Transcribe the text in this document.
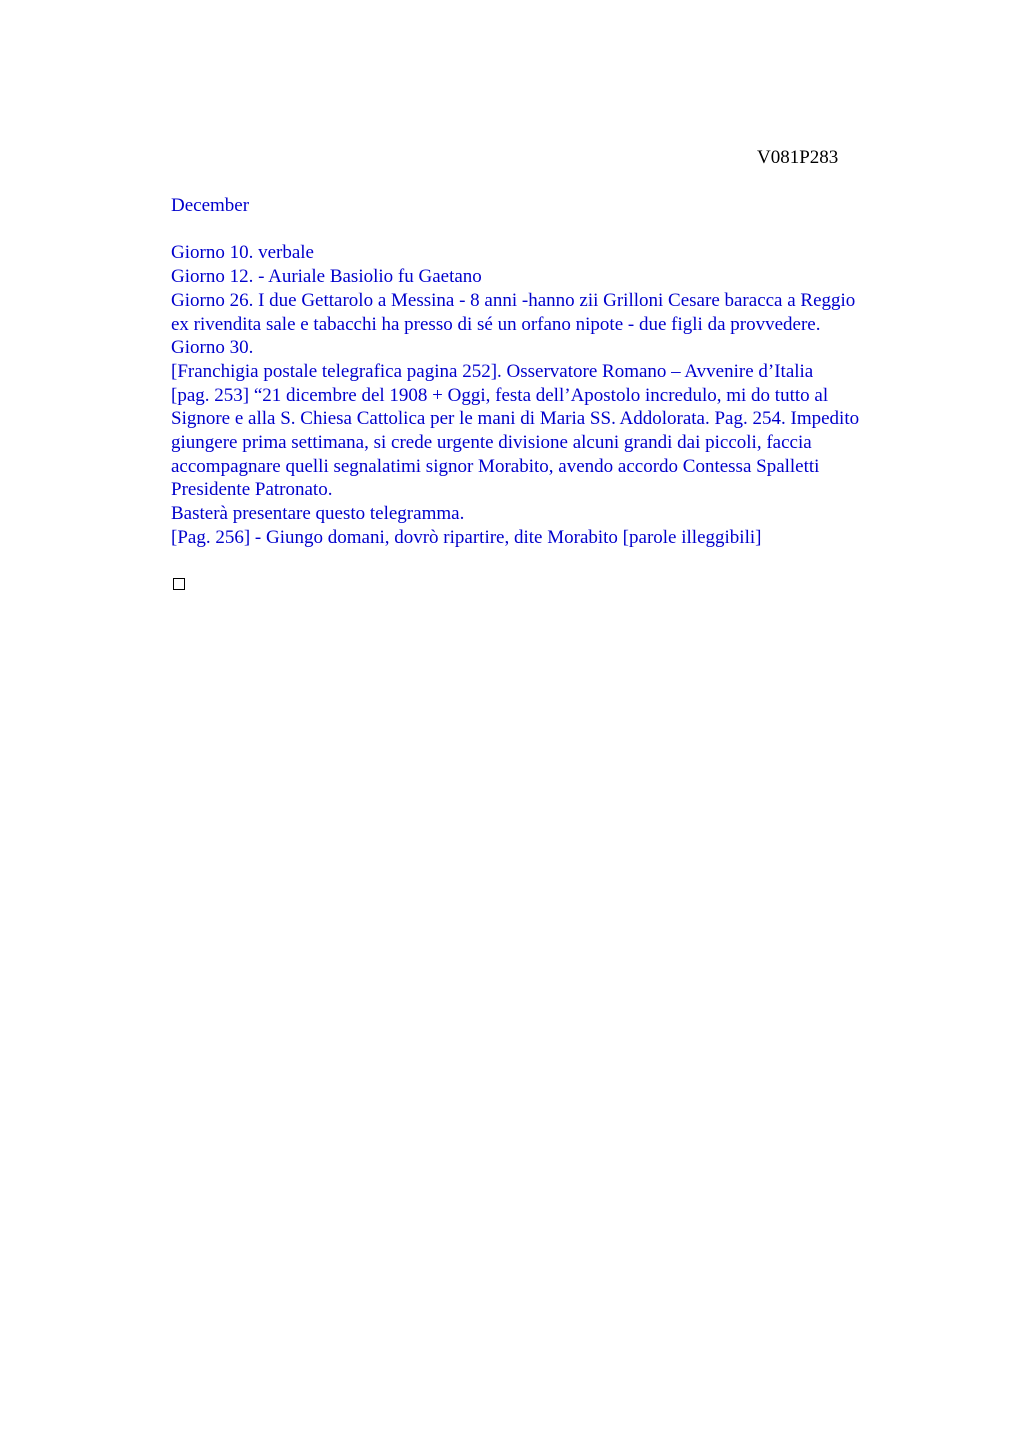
V081P283

December

Giorno 10. verbale

Giorno 12. - Auriale Basiolio fu Gaetano

Giorno 26. I due Gettarolo a Messina - 8 anni -hanno zii Grilloni Cesare baracca a Reggio

ex rivendita sale e tabacchi ha presso di sé un orfano nipote - due figli da provvedere.

Giorno 30.

[Franchigia postale telegrafica pagina 252]. Osservatore Romano – Avvenire d’Italia

[pag. 253] “21 dicembre del 1908 + Oggi, festa dell’Apostolo incredulo, mi do tutto al

Signore e alla S. Chiesa Cattolica per le mani di Maria SS. Addolorata. Pag. 254. Impedito

giungere prima settimana, si crede urgente divisione alcuni grandi dai piccoli, faccia

accompagnare quelli segnalatimi signor Morabito, avendo accordo Contessa Spalletti

Presidente Patronato.

Basterà presentare questo telegramma.

[Pag. 256] - Giungo domani, dovrò ripartire, dite Morabito [parole illeggibili]
